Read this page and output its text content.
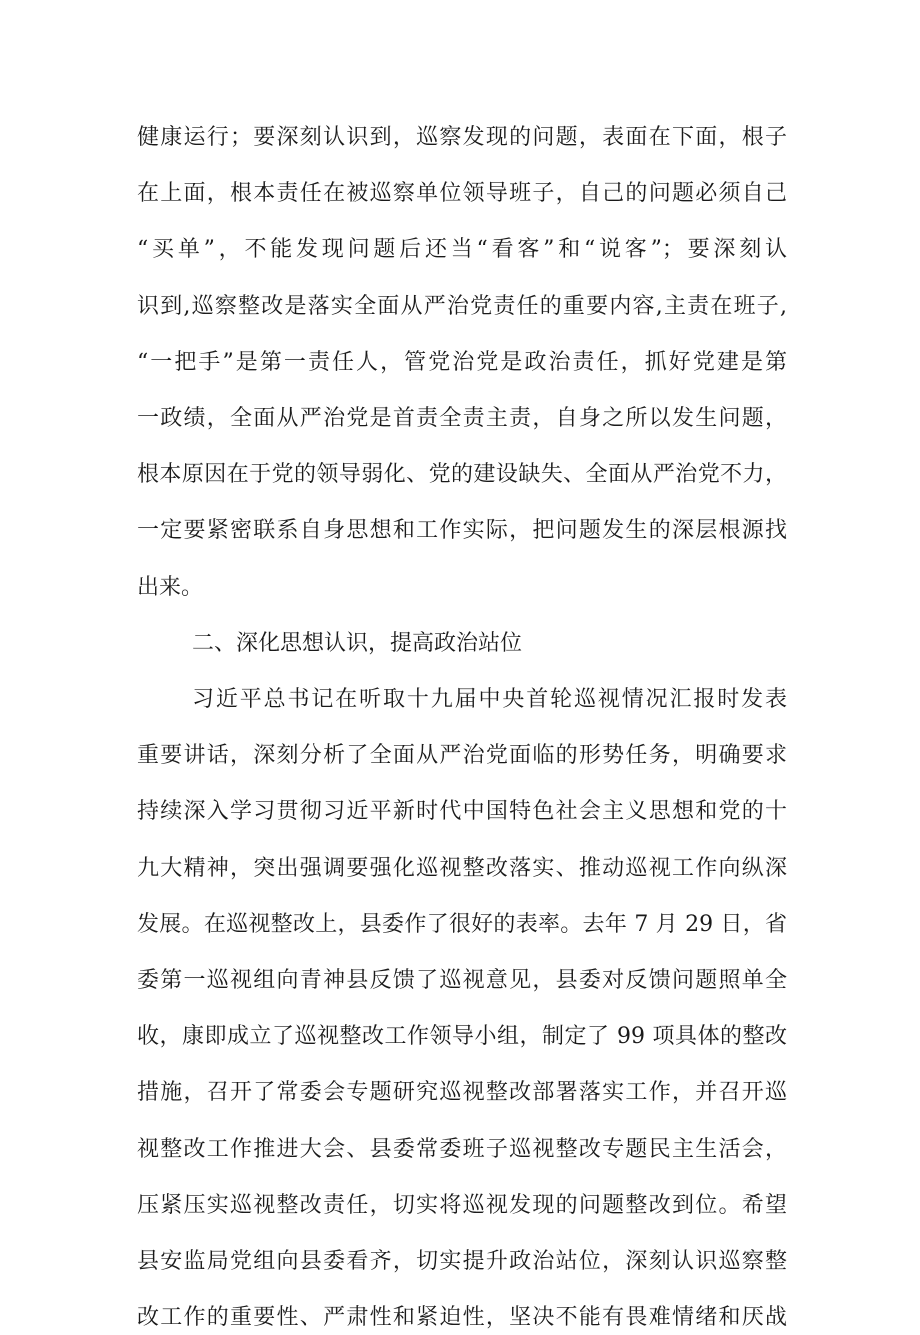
健康运行；要深刻认识到，巡察发现的问题，表面在下面，根子
在上面，根本责任在被巡察单位领导班子，自己的问题必须自己
“买单”，不能发现问题后还当“看客”和“说客”；要深刻认
识到,巡察整改是落实全面从严治党责任的重要内容,主责在班子,
“一把手”是第一责任人，管党治党是政治责任，抓好党建是第
一政绩，全面从严治党是首责全责主责，自身之所以发生问题，
根本原因在于党的领导弱化、党的建设缺失、全面从严治党不力，
一定要紧密联系自身思想和工作实际，把问题发生的深层根源找
出来。
二、深化思想认识，提高政治站位
习近平总书记在听取十九届中央首轮巡视情况汇报时发表
重要讲话，深刻分析了全面从严治党面临的形势任务，明确要求
持续深入学习贯彻习近平新时代中国特色社会主义思想和党的十
九大精神，突出强调要强化巡视整改落实、推动巡视工作向纵深
发展。在巡视整改上，县委作了很好的表率。去年 7 月 29 日，省
委第一巡视组向青神县反馈了巡视意见，县委对反馈问题照单全
收，康即成立了巡视整改工作领导小组，制定了 99 项具体的整改
措施，召开了常委会专题研究巡视整改部署落实工作，并召开巡
视整改工作推进大会、县委常委班子巡视整改专题民主生活会，
压紧压实巡视整改责任，切实将巡视发现的问题整改到位。希望
县安监局党组向县委看齐，切实提升政治站位，深刻认识巡察整
改工作的重要性、严肃性和紧迫性，坚决不能有畏难情绪和厌战
